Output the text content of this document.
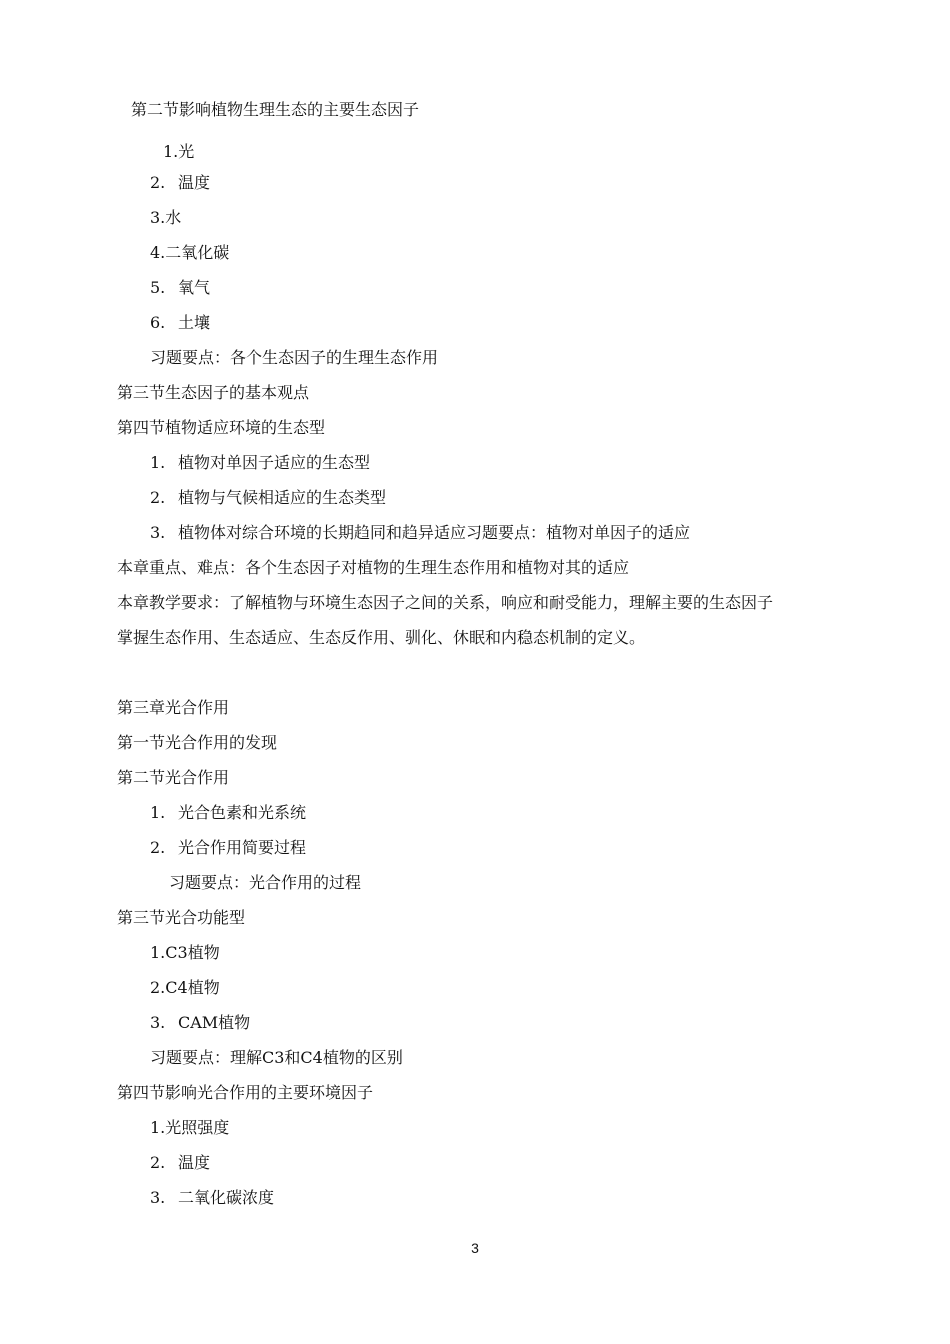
第二节影响植物生理生态的主要生态因子
1.光
2. 温度
3.水
4.二氧化碳
5. 氧气
6. 土壤
习题要点：各个生态因子的生理生态作用
第三节生态因子的基本观点
第四节植物适应环境的生态型
1. 植物对单因子适应的生态型
2. 植物与气候相适应的生态类型
3. 植物体对综合环境的长期趋同和趋异适应习题要点：植物对单因子的适应
本章重点、难点：各个生态因子对植物的生理生态作用和植物对其的适应
本章教学要求：了解植物与环境生态因子之间的关系，响应和耐受能力，理解主要的生态因子
掌握生态作用、生态适应、生态反作用、驯化、休眠和内稳态机制的定义。
第三章光合作用
第一节光合作用的发现
第二节光合作用
1. 光合色素和光系统
2. 光合作用简要过程
习题要点：光合作用的过程
第三节光合功能型
1.C3植物
2.C4植物
3. CAM植物
习题要点：理解C3和C4植物的区别
第四节影响光合作用的主要环境因子
1.光照强度
2. 温度
3. 二氧化碳浓度
3
